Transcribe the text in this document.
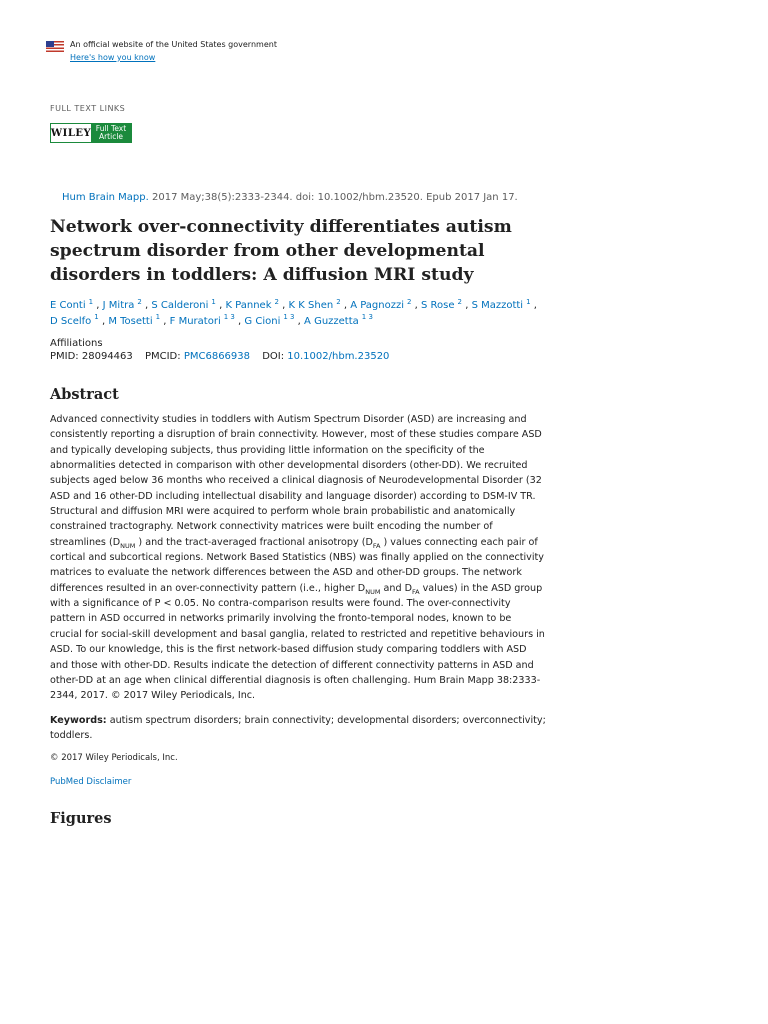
An official website of the United States government
Here's how you know
FULL TEXT LINKS
WILEY Full Text
Article
Hum Brain Mapp. 2017 May;38(5):2333-2344. doi: 10.1002/hbm.23520. Epub 2017 Jan 17.
Network over-connectivity differentiates autism spectrum disorder from other developmental disorders in toddlers: A diffusion MRI study
E Conti $^1$ , J Mitra $^2$ , S Calderoni $^1$ , K Pannek $^2$ , K K Shen $^2$ , A Pagnozzi $^2$ , S Rose $^2$ , S Mazzotti $^1$ ,
D Scelfo $^1$ , M Tosetti $^1$ , F Muratori $^{1 3}$ , G Cioni $^{1 3}$ , A Guzzetta $^{1 3}$
Affiliations
PMID: 28094463 PMCID: PMC6866938 DOI: 10.1002/hbm.23520
Abstract

Advanced connectivity studies in toddlers with Autism Spectrum Disorder (ASD) are increasing and consistently reporting a disruption of brain connectivity. However, most of these studies compare ASD and typically developing subjects, thus providing little information on the specificity of the abnormalities detected in comparison with other developmental disorders (other-DD). We recruited subjects aged below 36 months who received a clinical diagnosis of Neurodevelopmental Disorder (32 ASD and 16 other-DD including intellectual disability and language disorder) according to DSM-IV TR. Structural and diffusion MRI were acquired to perform whole brain probabilistic and anatomically constrained tractography. Network connectivity matrices were built encoding the number of streamlines ($D_{NUM}$ ) and the tract-averaged fractional anisotropy ($D_{FA}$ ) values connecting each pair of cortical and subcortical regions. Network Based Statistics (NBS) was finally applied on the connectivity matrices to evaluate the network differences between the ASD and other-DD groups. The network differences resulted in an over-connectivity pattern (i.e., higher $D_{NUM}$ and $D_{FA}$ values) in the ASD group with a significance of P < 0.05. No contra-comparison results were found. The over-connectivity pattern in ASD occurred in networks primarily involving the fronto-temporal nodes, known to be crucial for social-skill development and basal ganglia, related to restricted and repetitive behaviours in ASD. To our knowledge, this is the first network-based diffusion study comparing toddlers with ASD and those with other-DD. Results indicate the detection of different connectivity patterns in ASD and other-DD at an age when clinical differential diagnosis is often challenging. Hum Brain Mapp 38:2333-2344, 2017. © 2017 Wiley Periodicals, Inc.

Keywords: autism spectrum disorders; brain connectivity; developmental disorders; overconnectivity; toddlers.
© 2017 Wiley Periodicals, Inc.
PubMed Disclaimer
Figures
